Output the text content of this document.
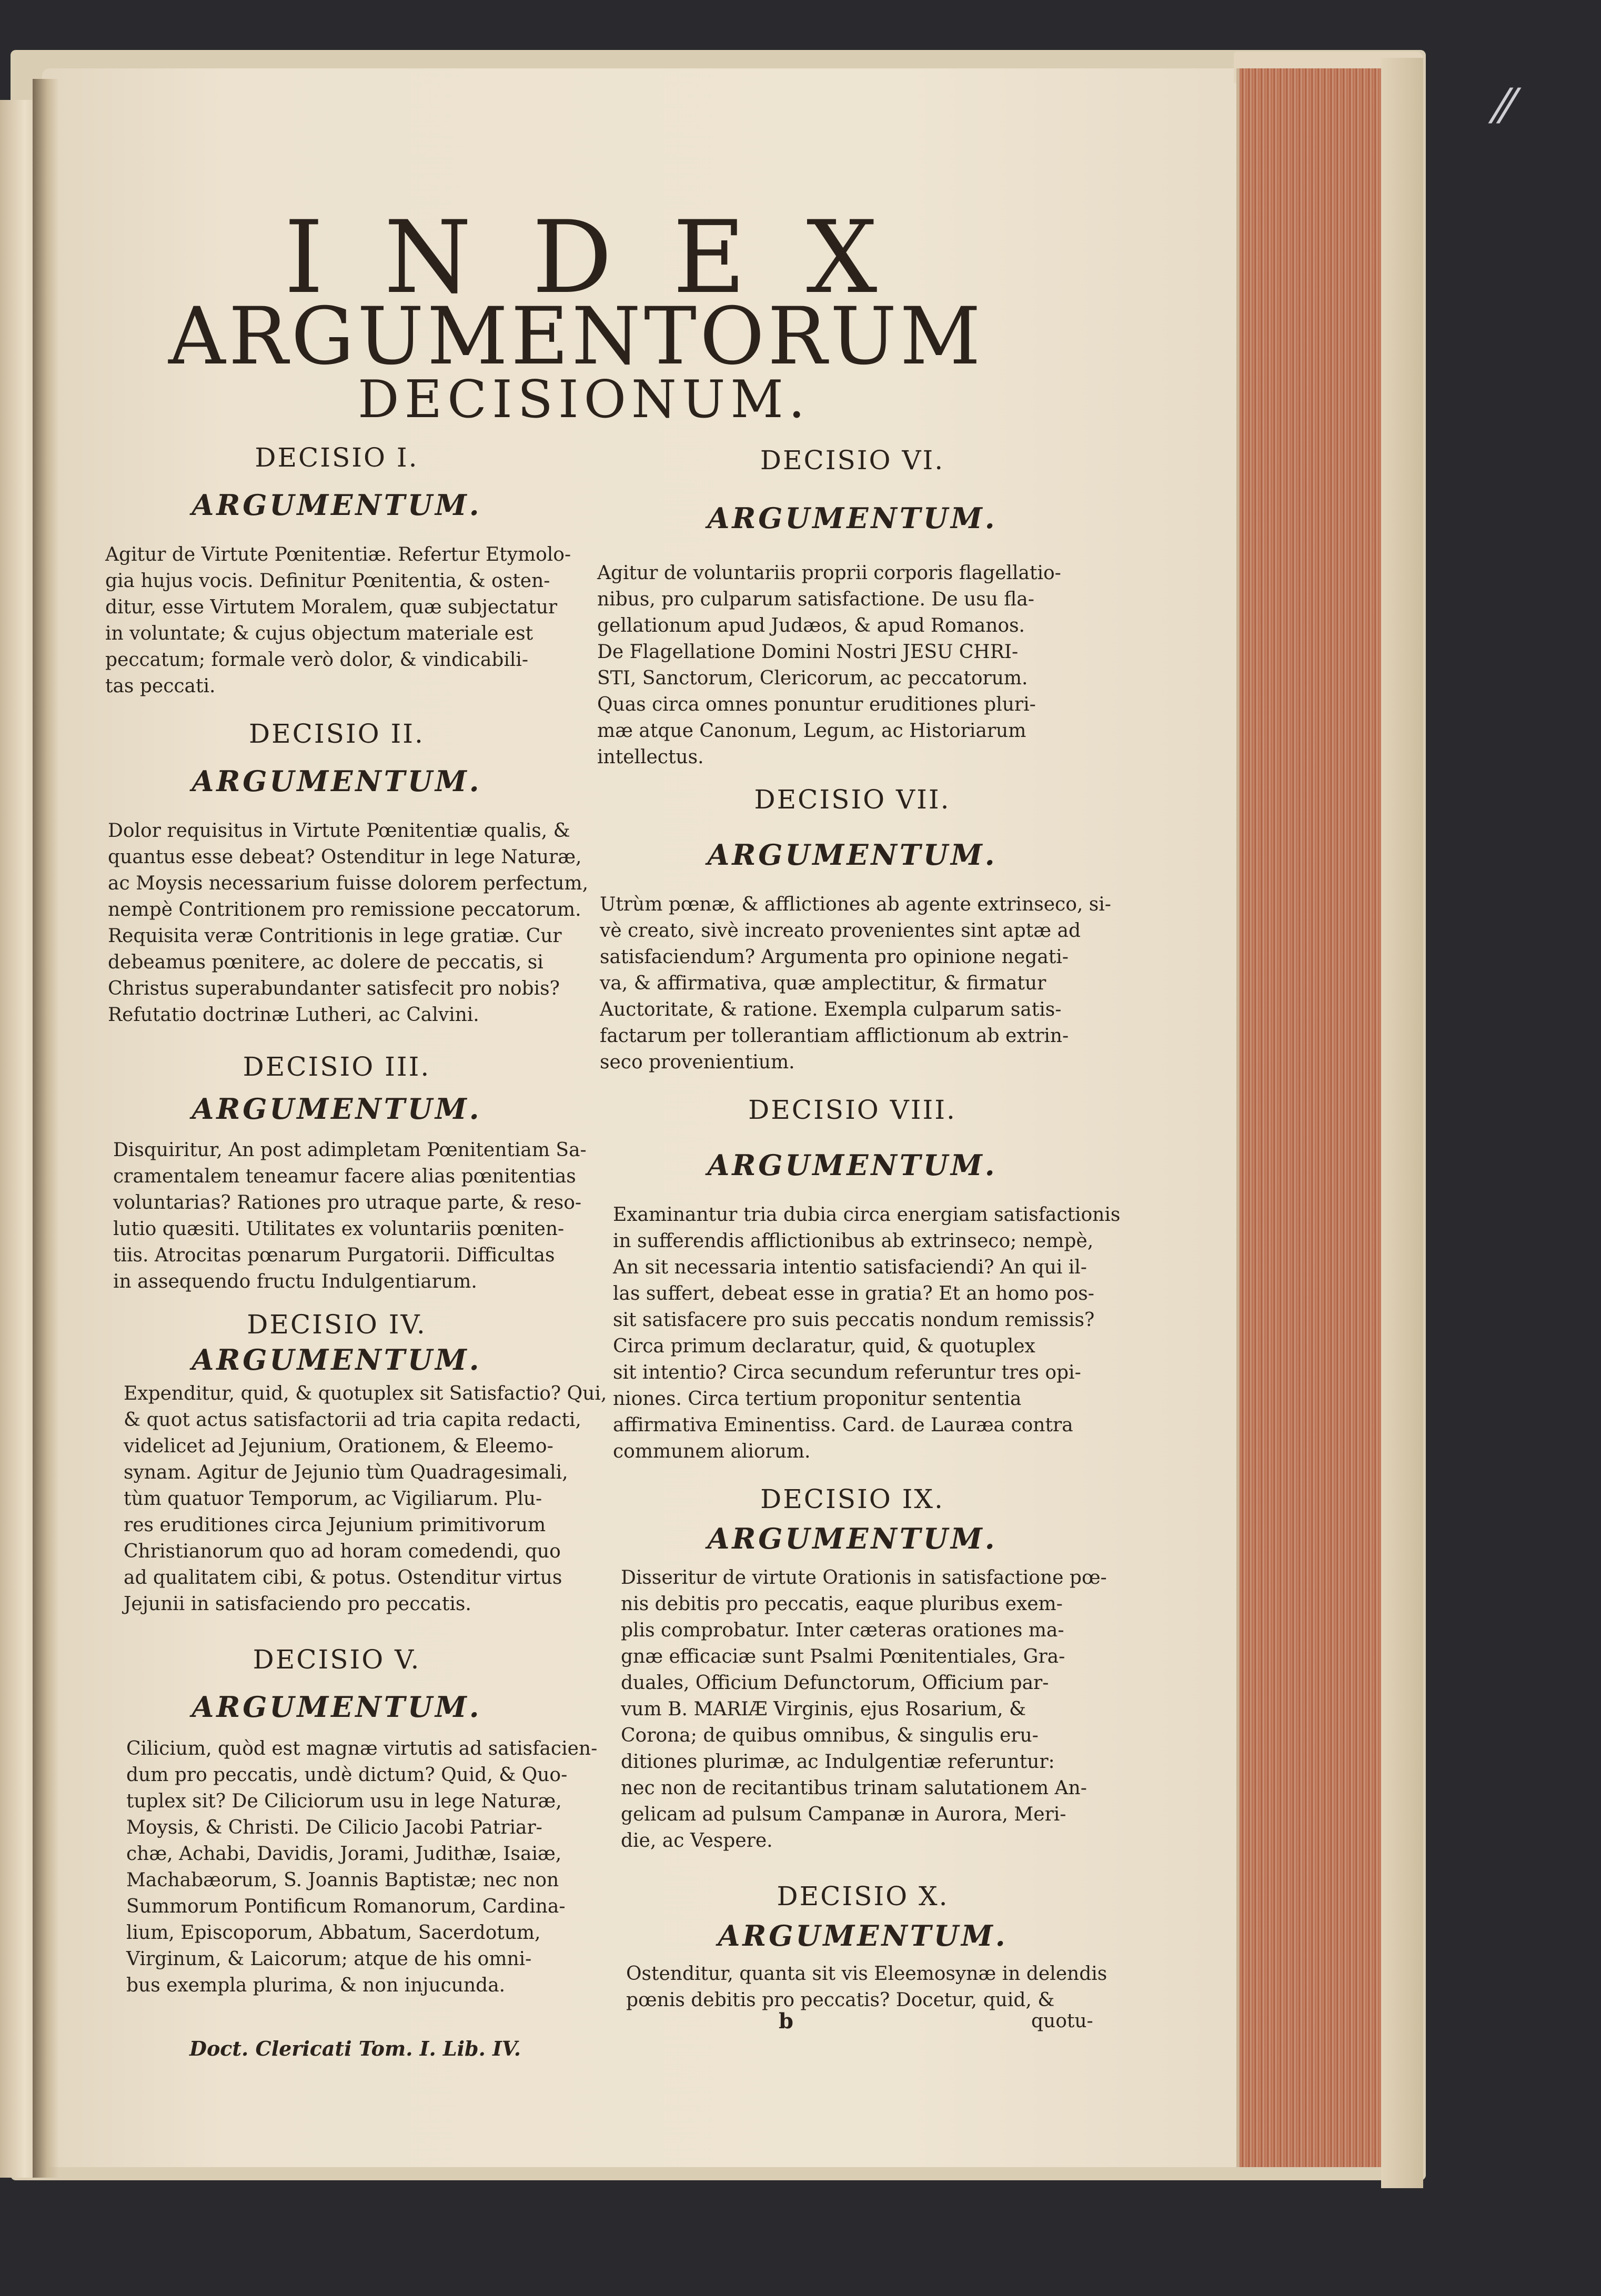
⁄⁄
INDEX
ARGUMENTORUM
DECISIONUM.
DECISIO I.
ARGUMENTUM.
Agitur de Virtute Pœnitentiæ. Refertur Etymolo-
gia hujus vocis. Definitur Pœnitentia, & osten-
ditur, esse Virtutem Moralem, quæ subjectatur
in voluntate; & cujus objectum materiale est
peccatum; formale verò dolor, & vindicabili-
tas peccati.
DECISIO II.
ARGUMENTUM.
Dolor requisitus in Virtute Pœnitentiæ qualis, &
quantus esse debeat? Ostenditur in lege Naturæ,
ac Moysis necessarium fuisse dolorem perfectum,
nempè Contritionem pro remissione peccatorum.
Requisita veræ Contritionis in lege gratiæ. Cur
debeamus pœnitere, ac dolere de peccatis, si
Christus superabundanter satisfecit pro nobis?
Refutatio doctrinæ Lutheri, ac Calvini.
DECISIO III.
ARGUMENTUM.
Disquiritur, An post adimpletam Pœnitentiam Sa-
cramentalem teneamur facere alias pœnitentias
voluntarias? Rationes pro utraque parte, & reso-
lutio quæsiti. Utilitates ex voluntariis pœniten-
tiis. Atrocitas pœnarum Purgatorii. Difficultas
in assequendo fructu Indulgentiarum.
DECISIO IV.
ARGUMENTUM.
Expenditur, quid, & quotuplex sit Satisfactio? Qui,
& quot actus satisfactorii ad tria capita redacti,
videlicet ad Jejunium, Orationem, & Eleemo-
synam. Agitur de Jejunio tùm Quadragesimali,
tùm quatuor Temporum, ac Vigiliarum. Plu-
res eruditiones circa Jejunium primitivorum
Christianorum quo ad horam comedendi, quo
ad qualitatem cibi, & potus. Ostenditur virtus
Jejunii in satisfaciendo pro peccatis.
DECISIO V.
ARGUMENTUM.
Cilicium, quòd est magnæ virtutis ad satisfacien-
dum pro peccatis, undè dictum? Quid, & Quo-
tuplex sit? De Ciliciorum usu in lege Naturæ,
Moysis, & Christi. De Cilicio Jacobi Patriar-
chæ, Achabi, Davidis, Jorami, Judithæ, Isaiæ,
Machabæorum, S. Joannis Baptistæ; nec non
Summorum Pontificum Romanorum, Cardina-
lium, Episcoporum, Abbatum, Sacerdotum,
Virginum, & Laicorum; atque de his omni-
bus exempla plurima, & non injucunda.
DECISIO VI.
ARGUMENTUM.
Agitur de voluntariis proprii corporis flagellatio-
nibus, pro culparum satisfactione. De usu fla-
gellationum apud Judæos, & apud Romanos.
De Flagellatione Domini Nostri JESU CHRI-
STI, Sanctorum, Clericorum, ac peccatorum.
Quas circa omnes ponuntur eruditiones pluri-
mæ atque Canonum, Legum, ac Historiarum
intellectus.
DECISIO VII.
ARGUMENTUM.
Utrùm pœnæ, & afflictiones ab agente extrinseco, si-
vè creato, sivè increato provenientes sint aptæ ad
satisfaciendum? Argumenta pro opinione negati-
va, & affirmativa, quæ amplectitur, & firmatur
Auctoritate, & ratione. Exempla culparum satis-
factarum per tollerantiam afflictionum ab extrin-
seco provenientium.
DECISIO VIII.
ARGUMENTUM.
Examinantur tria dubia circa energiam satisfactionis
in sufferendis afflictionibus ab extrinseco; nempè,
An sit necessaria intentio satisfaciendi? An qui il-
las suffert, debeat esse in gratia? Et an homo pos-
sit satisfacere pro suis peccatis nondum remissis?
Circa primum declaratur, quid, & quotuplex
sit intentio? Circa secundum referuntur tres opi-
niones. Circa tertium proponitur sententia
affirmativa Eminentiss. Card. de Lauræa contra
communem aliorum.
DECISIO IX.
ARGUMENTUM.
Disseritur de virtute Orationis in satisfactione pœ-
nis debitis pro peccatis, eaque pluribus exem-
plis comprobatur. Inter cæteras orationes ma-
gnæ efficaciæ sunt Psalmi Pœnitentiales, Gra-
duales, Officium Defunctorum, Officium par-
vum B. MARIÆ Virginis, ejus Rosarium, &
Corona; de quibus omnibus, & singulis eru-
ditiones plurimæ, ac Indulgentiæ referuntur:
nec non de recitantibus trinam salutationem An-
gelicam ad pulsum Campanæ in Aurora, Meri-
die, ac Vespere.
DECISIO X.
ARGUMENTUM.
Ostenditur, quanta sit vis Eleemosynæ in delendis
pœnis debitis pro peccatis? Docetur, quid, &
Doct. Clericati Tom. I. Lib. IV.
b	quotu-
